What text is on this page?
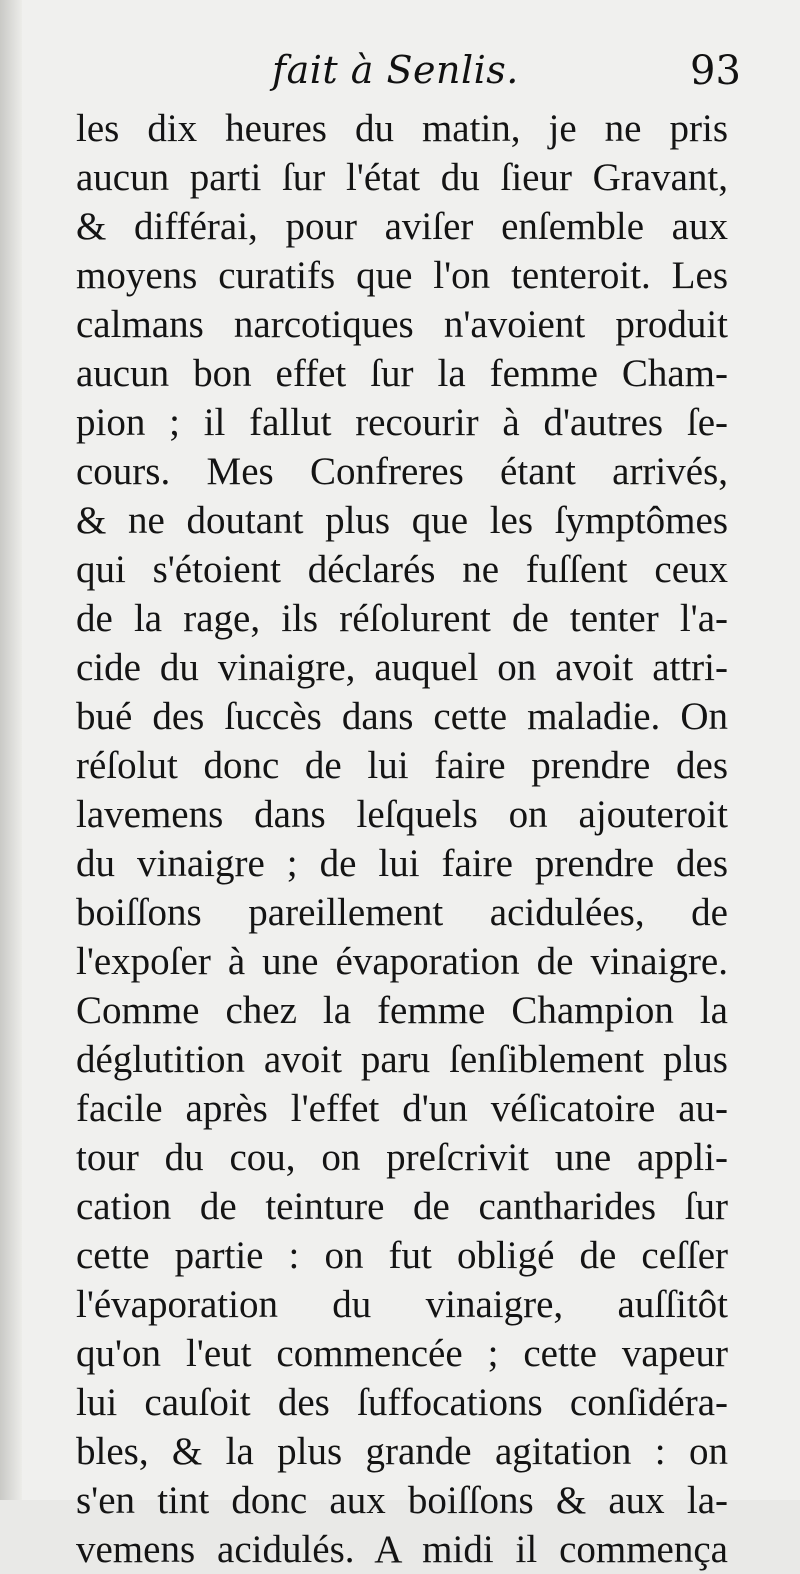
fait à Senlis.	93
les dix heures du matin, je ne pris
aucun parti ſur l'état du ſieur Gravant,
& différai, pour aviſer enſemble aux
moyens curatifs que l'on tenteroit. Les
calmans narcotiques n'avoient produit
aucun bon effet ſur la femme Cham-
pion ; il fallut recourir à d'autres ſe-
cours. Mes Confreres étant arrivés,
& ne doutant plus que les ſymptômes
qui s'étoient déclarés ne fuſſent ceux
de la rage, ils réſolurent de tenter l'a-
cide du vinaigre, auquel on avoit attri-
bué des ſuccès dans cette maladie. On
réſolut donc de lui faire prendre des
lavemens dans leſquels on ajouteroit
du vinaigre ; de lui faire prendre des
boiſſons pareillement acidulées, de
l'expoſer à une évaporation de vinaigre.
Comme chez la femme Champion la
déglutition avoit paru ſenſiblement plus
facile après l'effet d'un véſicatoire au-
tour du cou, on preſcrivit une appli-
cation de teinture de cantharides ſur
cette partie : on fut obligé de ceſſer
l'évaporation du vinaigre, auſſitôt
qu'on l'eut commencée ; cette vapeur
lui cauſoit des ſuffocations conſidéra-
bles, & la plus grande agitation : on
s'en tint donc aux boiſſons & aux la-
vemens acidulés. A midi il commença
